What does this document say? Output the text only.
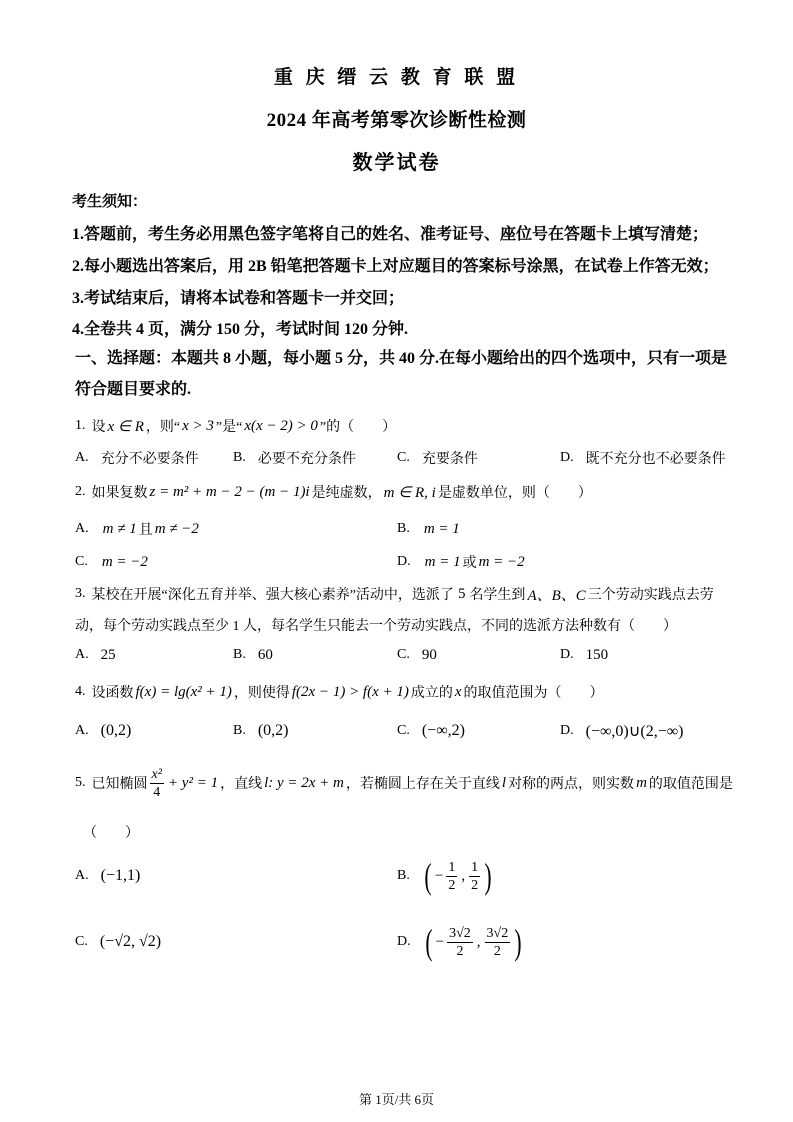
重 庆 缙 云 教 育 联 盟
2024 年高考第零次诊断性检测
数学试卷
考生须知：
1.答题前，考生务必用黑色签字笔将自己的姓名、准考证号、座位号在答题卡上填写清楚；
2.每小题选出答案后，用 2B 铅笔把答题卡上对应题目的答案标号涂黑，在试卷上作答无效；
3.考试结束后，请将本试卷和答题卡一并交回；
4.全卷共 4 页，满分 150 分，考试时间 120 分钟.
一、选择题：本题共 8 小题，每小题 5 分，共 40 分.在每小题给出的四个选项中，只有一项是
符合题目要求的.
1. 设 x ∈ R ，则“ x > 3 ”是“ x(x − 2) > 0 ”的（　　）
A. 充分不必要条件 B. 必要不充分条件	C. 充要条件	D. 既不充分也不必要条件
2. 如果复数 z = m² + m − 2 − (m − 1)i 是纯虚数， m ∈ R, i 是虚数单位，则（　　）
A. m ≠ 1 且 m ≠ −2	B. m = 1
C. m = −2	D. m = 1 或 m = −2
3. 某校在开展“深化五育并举、强大核心素养”活动中，选派了 5 名学生到 A、B、C 三个劳动实践点去劳
动，每个劳动实践点至少 1 人，每名学生只能去一个劳动实践点，不同的选派方法种数有（　　）
A. 25	B. 60	C. 90	D. 150
4. 设函数 f(x) = lg(x² + 1) ，则使得 f(2x − 1) > f(x + 1) 成立的 x 的取值范围为（　　）
A. (0,2)	B. (0,2)	C. (−∞,2)	D. (−∞,0)∪(2,−∞)
5. 已知椭圆 $\frac{\text{x²}}{4} + y^2 = 1$ ，直线 l: y = 2x + m ，若椭圆上存在关于直线 l 对称的两点，则实数 m 的取值范围是
（　　）
A. (−1,1)	B. ( − $\frac{1}{2}$ , $\frac{1}{2}$ )
C. (−√2, √2)	D. ( − $\frac{3√2}{2}$ , $\frac{3√2}{2}$ )
第 1页/共 6页
